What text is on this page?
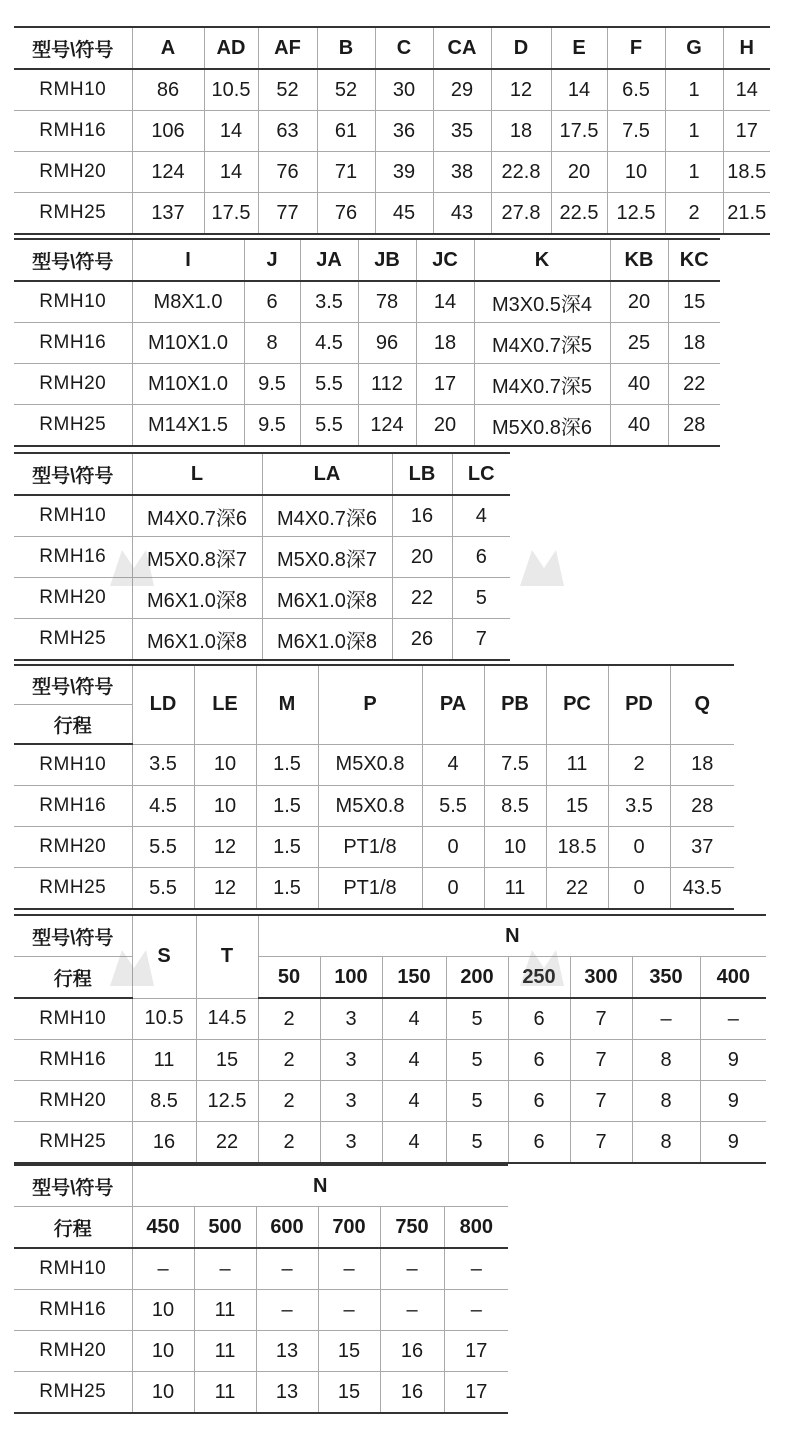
型号\符号	A	AD	AF	B	C	CA	D	E	F	G	H
RMH10	86	10.5	52	52	30	29	12	14	6.5	1	14
RMH16	106	14	63	61	36	35	18	17.5	7.5	1	17
RMH20	124	14	76	71	39	38	22.8	20	10	1	18.5
RMH25	137	17.5	77	76	45	43	27.8	22.5	12.5	2	21.5
型号\符号	I	J	JA	JB	JC	K	KB	KC
RMH10	M8X1.0	6	3.5	78	14	M3X0.5深4	20	15
RMH16	M10X1.0	8	4.5	96	18	M4X0.7深5	25	18
RMH20	M10X1.0	9.5	5.5	112	17	M4X0.7深5	40	22
RMH25	M14X1.5	9.5	5.5	124	20	M5X0.8深6	40	28
型号\符号	L	LA	LB	LC
RMH10	M4X0.7深6	M4X0.7深6	16	4
RMH16	M5X0.8深7	M5X0.8深7	20	6
RMH20	M6X1.0深8	M6X1.0深8	22	5
RMH25	M6X1.0深8	M6X1.0深8	26	7
型号\符号	LD	LE	M	P	PA	PB	PC	PD	Q
行程									
RMH10	3.5	10	1.5	M5X0.8	4	7.5	11	2	18
RMH16	4.5	10	1.5	M5X0.8	5.5	8.5	15	3.5	28
RMH20	5.5	12	1.5	PT1/8	0	10	18.5	0	37
RMH25	5.5	12	1.5	PT1/8	0	11	22	0	43.5
型号\符号	S	T	N							
行程			50	100	150	200	250	300	350	400
RMH10	10.5	14.5	2	3	4	5	6	7	–	–
RMH16	11	15	2	3	4	5	6	7	8	9
RMH20	8.5	12.5	2	3	4	5	6	7	8	9
RMH25	16	22	2	3	4	5	6	7	8	9
型号\符号	N					
行程	450	500	600	700	750	800
RMH10	–	–	–	–	–	–
RMH16	10	11	–	–	–	–
RMH20	10	11	13	15	16	17
RMH25	10	11	13	15	16	17
